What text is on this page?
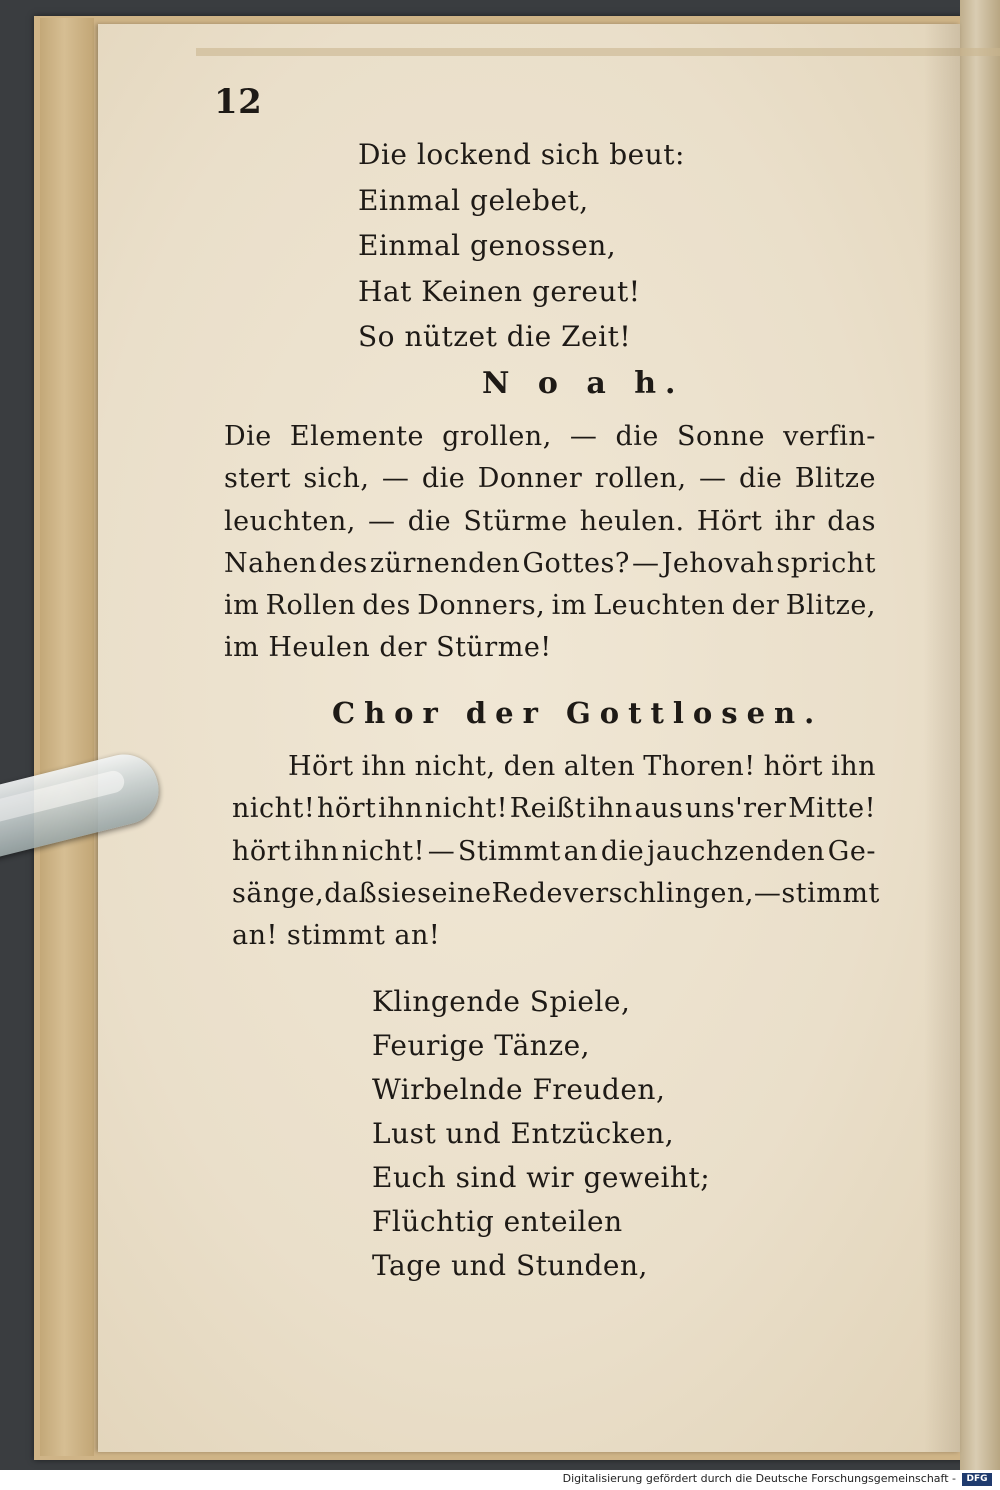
12
Die lockend sich beut:
Einmal gelebet,
Einmal genossen,
Hat Keinen gereut!
So nützet die Zeit!
N o a h.
Die Elemente grollen, — die Sonne verfin-
stert sich, — die Donner rollen, — die Blitze
leuchten, — die Stürme heulen. Hört ihr das
Nahen des zürnenden Gottes? — Jehovah spricht
im Rollen des Donners, im Leuchten der Blitze,
im Heulen der Stürme!
Chor der Gottlosen.
Hört ihn nicht, den alten Thoren! hört ihn
nicht! hört ihn nicht! Reißt ihn aus uns'rer Mitte!
hört ihn nicht! — Stimmt an die jauchzenden Ge-
sänge, daß sie seine Rede verschlingen, — stimmt
an! stimmt an!
Klingende Spiele,
Feurige Tänze,
Wirbelnde Freuden,
Lust und Entzücken,
Euch sind wir geweiht;
Flüchtig enteilen
Tage und Stunden,
Digitalisierung gefördert durch die Deutsche Forschungsgemeinschaft -	DFG
